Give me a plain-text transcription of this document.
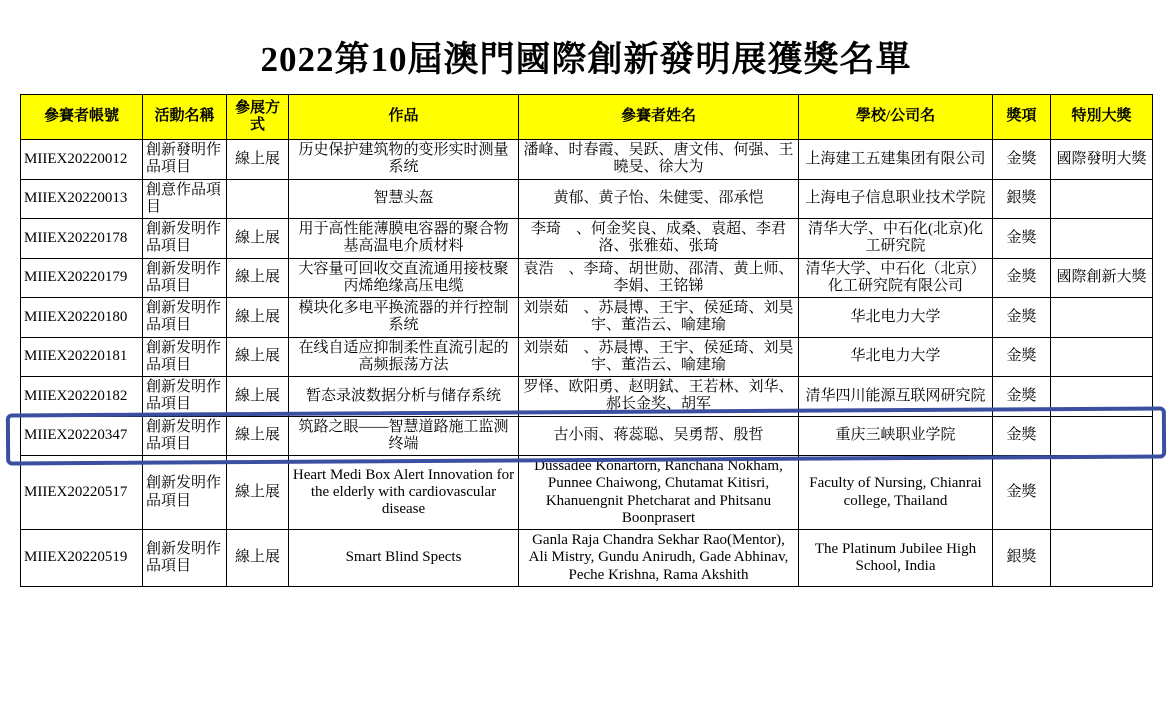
2022第10屆澳門國際創新發明展獲獎名單
參賽者帳號	活動名稱	參展方式	作品	參賽者姓名	學校/公司名	獎項	特別大獎
MIIEX20220012	創新發明作品項目	線上展	历史保护建筑物的变形实时测量系统	潘峰、时春霞、吴跃、唐文伟、何强、王曉旻、徐大为	上海建工五建集团有限公司	金獎	國際發明大獎
MIIEX20220013	創意作品項目		智慧头盔	黄郁、黄子怡、朱健雯、邵承恺	上海电子信息职业技术学院	銀獎	
MIIEX20220178	創新发明作品項目	線上展	用于高性能薄膜电容器的聚合物基高温电介质材料	李琦　、何金奖良、成桑、袁超、李君洛、张雅茹、张琦	清华大学、中石化(北京)化工研究院	金獎	
MIIEX20220179	創新发明作品項目	線上展	大容量可回收交直流通用接枝聚丙烯绝缘高压电缆	袁浩　、李琦、胡世勋、邵清、黄上师、李娟、王铭锑	清华大学、中石化（北京）化工研究院有限公司	金獎	國際創新大獎
MIIEX20220180	創新发明作品項目	線上展	模块化多电平换流器的并行控制系统	刘崇茹　、苏晨博、王宇、侯延琦、刘昊宇、董浩云、喻建瑜	华北电力大学	金獎	
MIIEX20220181	創新发明作品項目	線上展	在线自适应抑制柔性直流引起的高频振荡方法	刘崇茹　、苏晨博、王宇、侯延琦、刘昊宇、董浩云、喻建瑜	华北电力大学	金獎	
MIIEX20220182	創新发明作品項目	線上展	暂态录波数据分析与储存系统	罗怿、欧阳勇、赵明鉽、王若林、刘华、郝长金奖、胡军	清华四川能源互联网研究院	金獎	
MIIEX20220347	創新发明作品項目	線上展	筑路之眼——智慧道路施工监测终端	古小雨、蒋蕊聪、吴勇帮、殷哲	重庆三峡职业学院	金獎	
MIIEX20220517	創新发明作品項目	線上展	Heart Medi Box Alert Innovation for the elderly with cardiovascular disease	Dussadee Konartorn, Ranchana Nokham, Punnee Chaiwong, Chutamat Kitisri, Khanuengnit Phetcharat and Phitsanu Boonprasert	Faculty of Nursing, Chianrai college, Thailand	金獎	
MIIEX20220519	創新发明作品項目	線上展	Smart Blind Spects	Ganla Raja Chandra Sekhar Rao(Mentor), Ali Mistry, Gundu Anirudh, Gade Abhinav, Peche Krishna, Rama Akshith	The Platinum Jubilee High School, India	銀獎	
